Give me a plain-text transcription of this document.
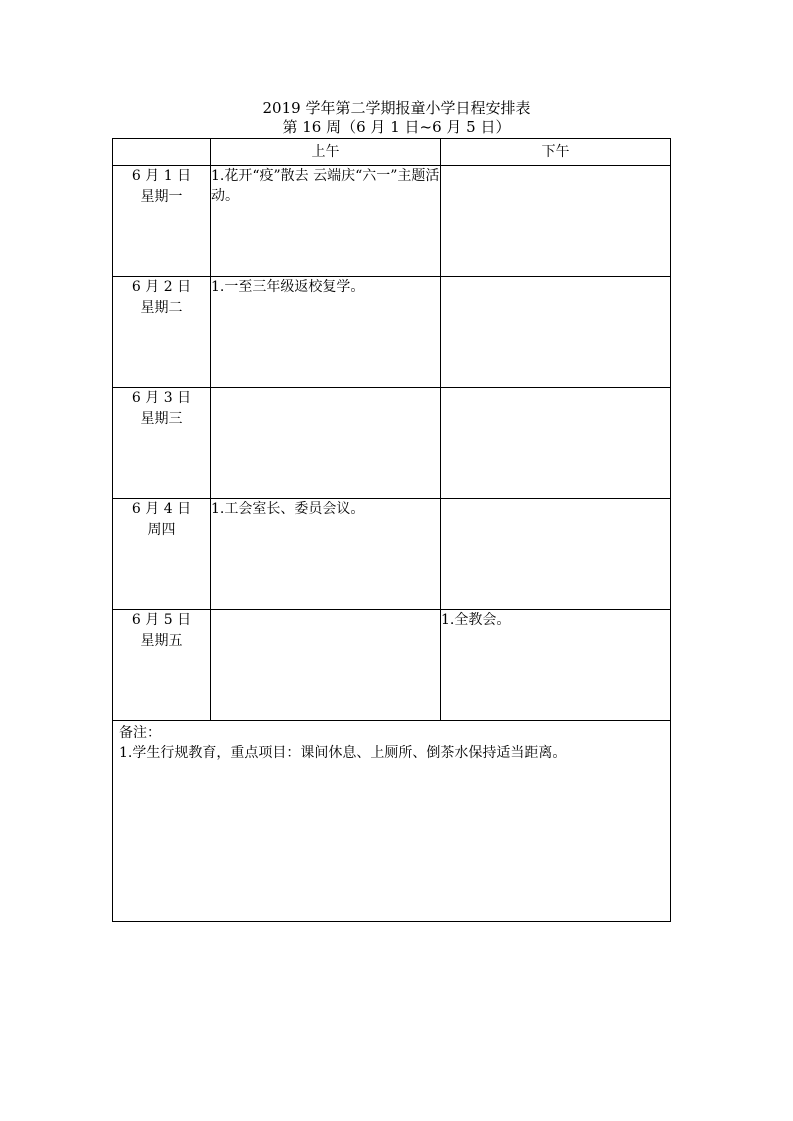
2019 学年第二学期报童小学日程安排表
第 16 周（6 月 1 日~6 月 5 日）
	上午	下午

6 月 1 日
星期一	1.花开“疫”散去 云端庆“六一”主题活动。	

6 月 2 日
星期二	1.一至三年级返校复学。	

6 月 3 日
星期三		

6 月 4 日
周四	1.工会室长、委员会议。	

6 月 5 日
星期五		1.全教会。

备注：
1.学生行规教育，重点项目：课间休息、上厕所、倒茶水保持适当距离。		
